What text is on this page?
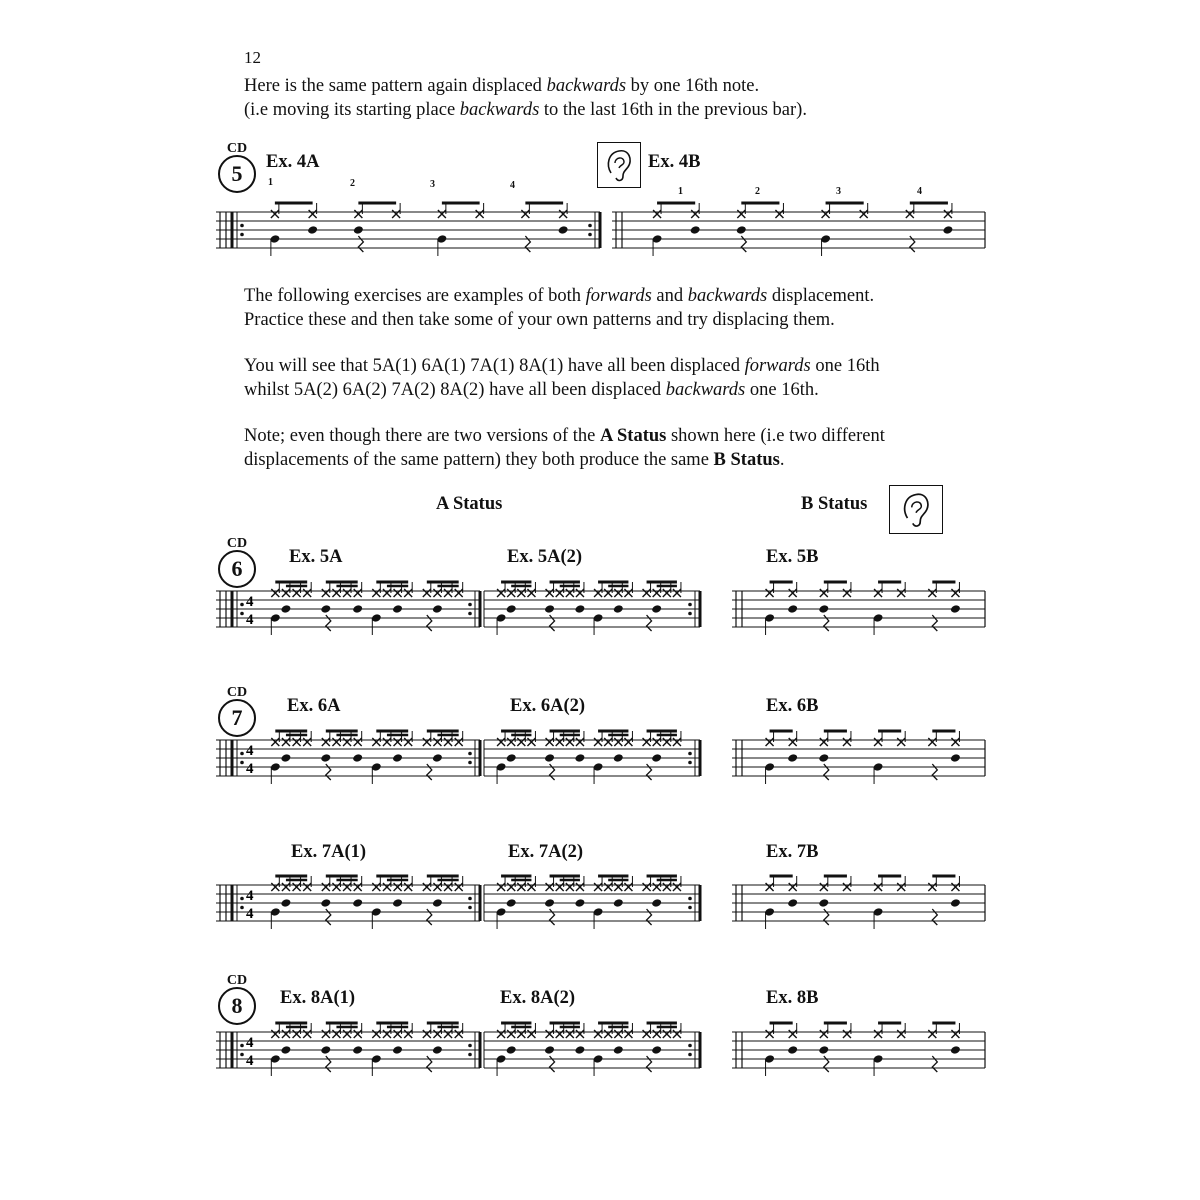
12
Here is the same pattern again displaced backwards by one 16th note.
(i.e moving its starting place backwards to the last 16th in the previous bar).
CD
5	Ex. 4A	Ex. 4B
1	2	3	4
1	2	3	4
The following exercises are examples of both forwards and backwards displacement.
Practice these and then take some of your own patterns and try displacing them.
You will see that 5A(1) 6A(1) 7A(1) 8A(1) have all been displaced forwards one 16th
whilst 5A(2) 6A(2) 7A(2) 8A(2) have all been displaced backwards one 16th.
Note; even though there are two versions of the A Status shown here (i.e two different
displacements of the same pattern) they both produce the same B Status.
A Status	B Status
CD
6	Ex. 5A	Ex. 5A(2)	Ex. 5B
CD
7	Ex. 6A	Ex. 6A(2)	Ex. 6B
Ex. 7A(1)	Ex. 7A(2)	Ex. 7B
CD
8	Ex. 8A(1)	Ex. 8A(2)	Ex. 8B
4
4
4
4
4
4
4
4
